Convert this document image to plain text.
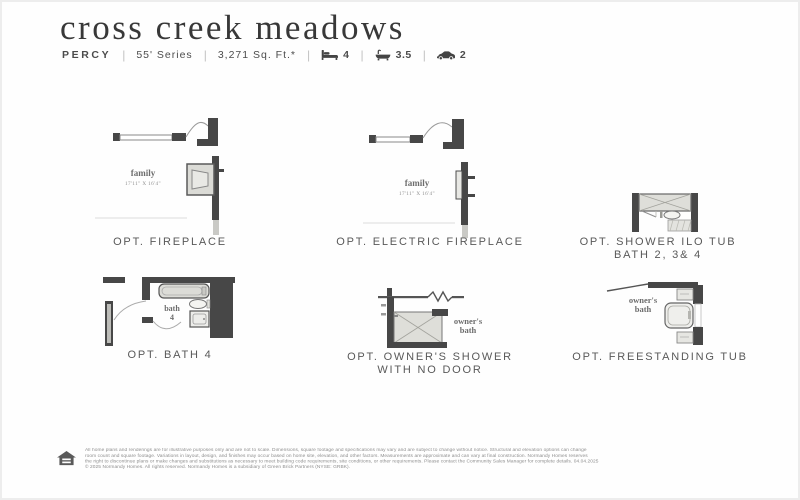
cross creek meadows
PERCY | 55' Series | 3,271 Sq. Ft.* |	4 |	3.5 |	2
family
17'11" X 16'4"
OPT. FIREPLACE
family
17'11" X 16'4"
OPT. ELECTRIC FIREPLACE	OPT. SHOWER ILO TUB
BATH 2, 3& 4
bath
4
OPT. BATH 4
owner's
bath
OPT. OWNER'S SHOWER
WITH NO DOOR
owner's
bath
OPT. FREESTANDING TUB
All home plans and renderings are for illustrative purposes only and are not to scale. Dimensions, square footage and specifications may vary and are subject to change without notice. Structural and elevation options can change
room count and square footage. Variations in layout, design, and finishes may occur based on home site, elevation, and other factors. Measurements are approximate and can vary at final construction. Normandy Homes reserves
the right to discontinue plans or make changes and substitutions as necessary to meet building code requirements, site conditions, or other requirements. Please contact the Community Sales Manager for complete details. 04.04.2025
© 2025 Normandy Homes. All rights reserved. Normandy Homes is a subsidiary of Green Brick Partners (NYSE: GRBK).
